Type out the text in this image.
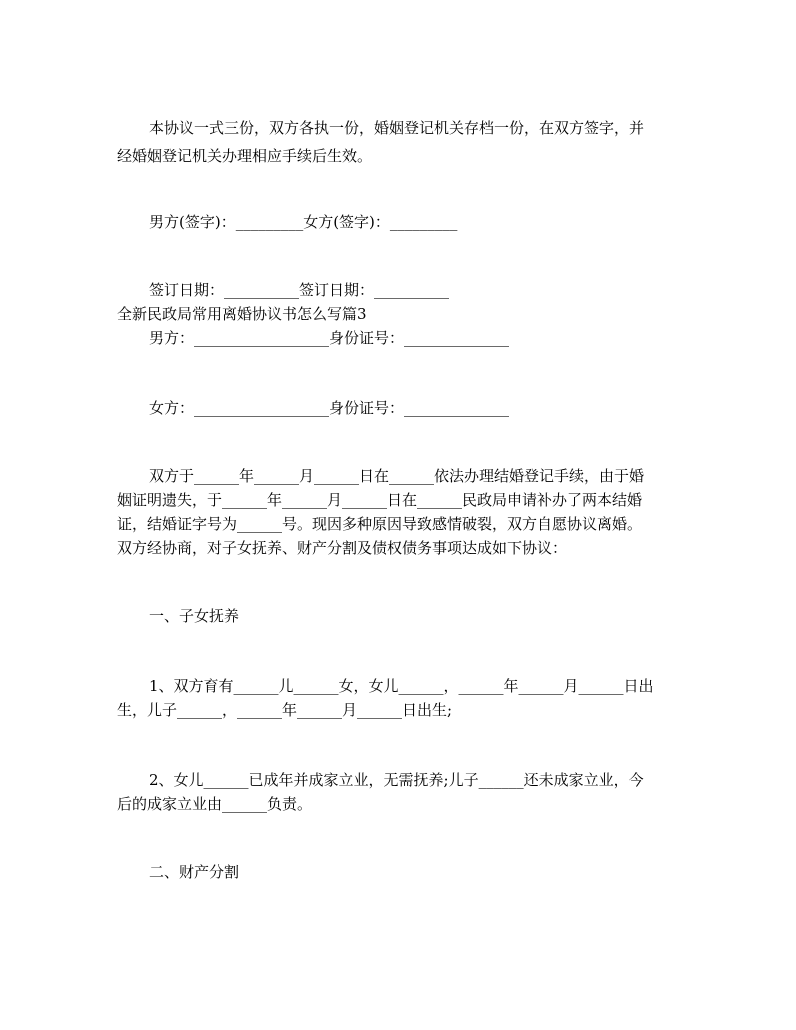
本协议一式三份，双方各执一份，婚姻登记机关存档一份，在双方签字，并
经婚姻登记机关办理相应手续后生效。
男方(签字)：_________女方(签字)：_________
签订日期：__________签订日期：__________
全新民政局常用离婚协议书怎么写篇3
男方：__________________身份证号：______________
女方：__________________身份证号：______________
双方于______年______月______日在______依法办理结婚登记手续，由于婚
姻证明遗失，于______年______月______日在______民政局申请补办了两本结婚
证，结婚证字号为______号。现因多种原因导致感情破裂，双方自愿协议离婚。
双方经协商，对子女抚养、财产分割及债权债务事项达成如下协议：
一、子女抚养
1、双方育有______儿______女，女儿______，______年______月______日出
生，儿子______，______年______月______日出生;
2、女儿______已成年并成家立业，无需抚养;儿子______还未成家立业，今
后的成家立业由______负责。
二、财产分割
